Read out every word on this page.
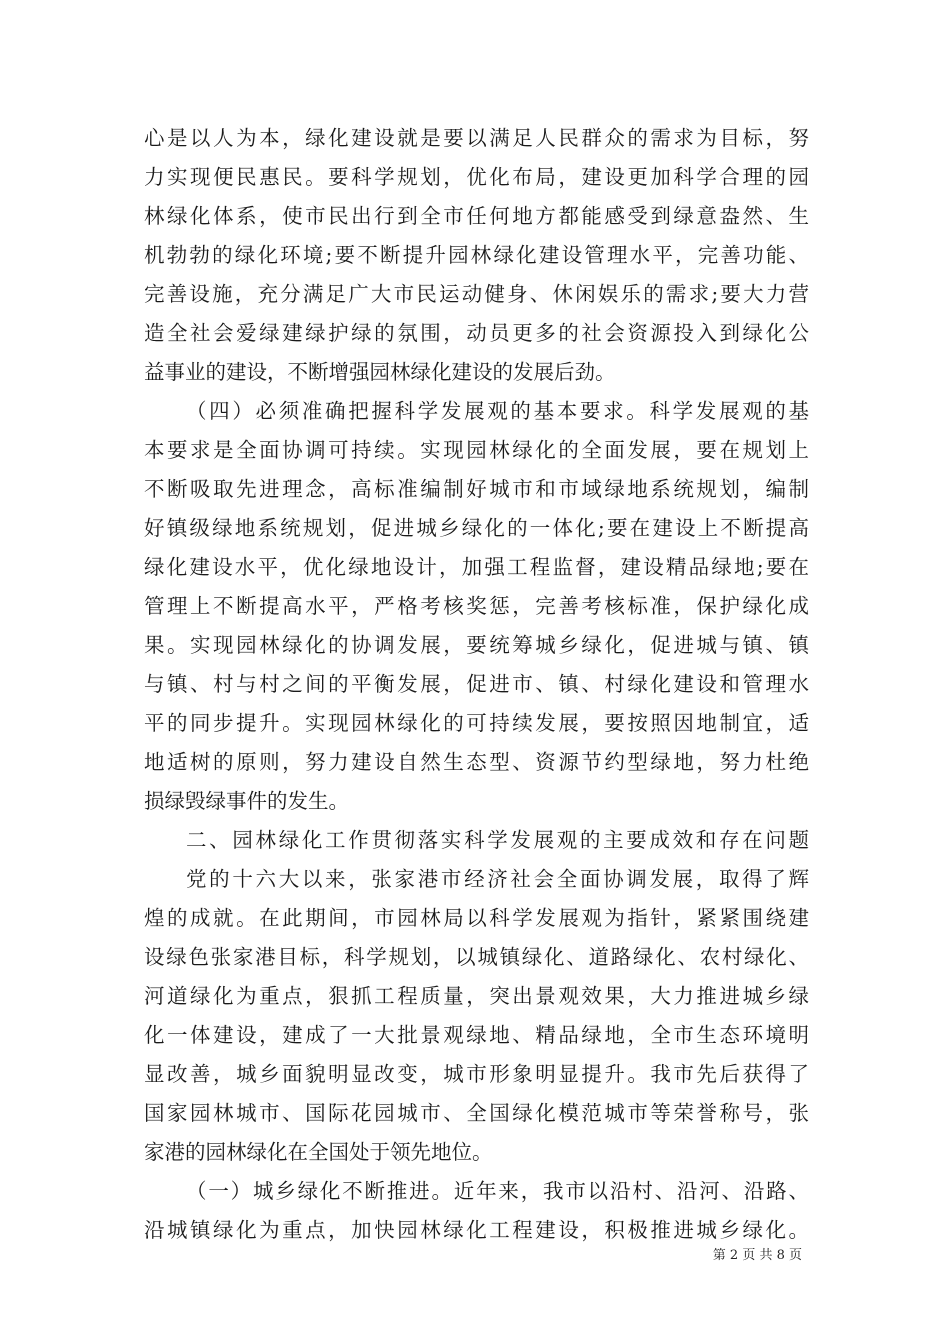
心是以人为本，绿化建设就是要以满足人民群众的需求为目标，努
力实现便民惠民。要科学规划，优化布局，建设更加科学合理的园
林绿化体系，使市民出行到全市任何地方都能感受到绿意盎然、生
机勃勃的绿化环境;要不断提升园林绿化建设管理水平，完善功能、
完善设施，充分满足广大市民运动健身、休闲娱乐的需求;要大力营
造全社会爱绿建绿护绿的氛围，动员更多的社会资源投入到绿化公
益事业的建设，不断增强园林绿化建设的发展后劲。
（四）必须准确把握科学发展观的基本要求。科学发展观的基
本要求是全面协调可持续。实现园林绿化的全面发展，要在规划上
不断吸取先进理念，高标准编制好城市和市域绿地系统规划，编制
好镇级绿地系统规划，促进城乡绿化的一体化;要在建设上不断提高
绿化建设水平，优化绿地设计，加强工程监督，建设精品绿地;要在
管理上不断提高水平，严格考核奖惩，完善考核标准，保护绿化成
果。实现园林绿化的协调发展，要统筹城乡绿化，促进城与镇、镇
与镇、村与村之间的平衡发展，促进市、镇、村绿化建设和管理水
平的同步提升。实现园林绿化的可持续发展，要按照因地制宜，适
地适树的原则，努力建设自然生态型、资源节约型绿地，努力杜绝
损绿毁绿事件的发生。
二、园林绿化工作贯彻落实科学发展观的主要成效和存在问题
党的十六大以来，张家港市经济社会全面协调发展，取得了辉
煌的成就。在此期间，市园林局以科学发展观为指针，紧紧围绕建
设绿色张家港目标，科学规划，以城镇绿化、道路绿化、农村绿化、
河道绿化为重点，狠抓工程质量，突出景观效果，大力推进城乡绿
化一体建设，建成了一大批景观绿地、精品绿地，全市生态环境明
显改善，城乡面貌明显改变，城市形象明显提升。我市先后获得了
国家园林城市、国际花园城市、全国绿化模范城市等荣誉称号，张
家港的园林绿化在全国处于领先地位。
（一）城乡绿化不断推进。近年来，我市以沿村、沿河、沿路、
沿城镇绿化为重点，加快园林绿化工程建设，积极推进城乡绿化。
第 2 页 共 8 页
